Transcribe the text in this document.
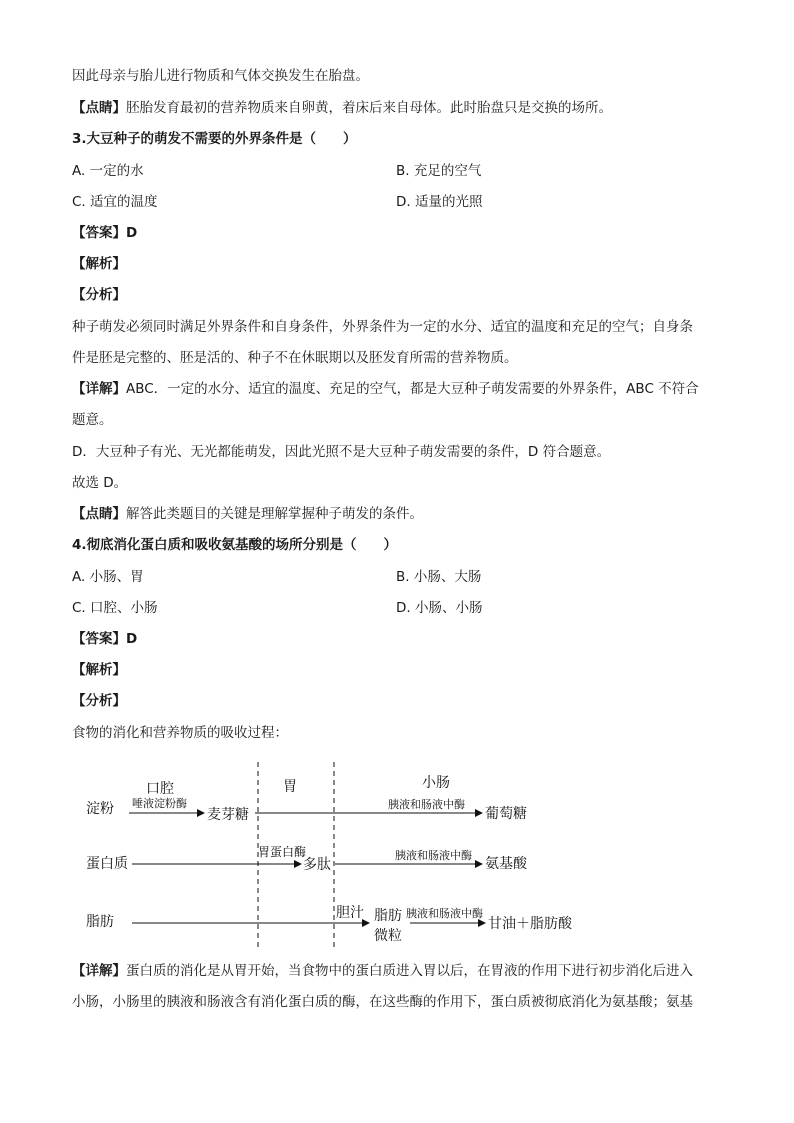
因此母亲与胎儿进行物质和气体交换发生在胎盘。
【点睛】胚胎发育最初的营养物质来自卵黄，着床后来自母体。此时胎盘只是交换的场所。
3.大豆种子的萌发不需要的外界条件是（　　）
A. 一定的水	B. 充足的空气
C. 适宜的温度	D. 适量的光照
【答案】D
【解析】
【分析】
种子萌发必须同时满足外界条件和自身条件，外界条件为一定的水分、适宜的温度和充足的空气；自身条
件是胚是完整的、胚是活的、种子不在休眠期以及胚发育所需的营养物质。
【详解】ABC．一定的水分、适宜的温度、充足的空气，都是大豆种子萌发需要的外界条件，ABC 不符合
题意。
D．大豆种子有光、无光都能萌发，因此光照不是大豆种子萌发需要的条件，D 符合题意。
故选 D。
【点睛】解答此类题目的关键是理解掌握种子萌发的条件。
4.彻底消化蛋白质和吸收氨基酸的场所分别是（　　）
A. 小肠、胃	B. 小肠、大肠
C. 口腔、小肠	D. 小肠、小肠
【答案】D
【解析】
【分析】
食物的消化和营养物质的吸收过程：
口腔	胃	小肠
淀粉 唾液淀粉酶
麦芽糖
胰液和肠液中酶
葡萄糖
蛋白质
胃蛋白酶
多肽
胰液和肠液中酶
氨基酸
脂肪
胆汁 脂肪
微粒
胰液和肠液中酶
甘油＋脂肪酸
【详解】蛋白质的消化是从胃开始，当食物中的蛋白质进入胃以后，在胃液的作用下进行初步消化后进入
小肠，小肠里的胰液和肠液含有消化蛋白质的酶，在这些酶的作用下，蛋白质被彻底消化为氨基酸；氨基
